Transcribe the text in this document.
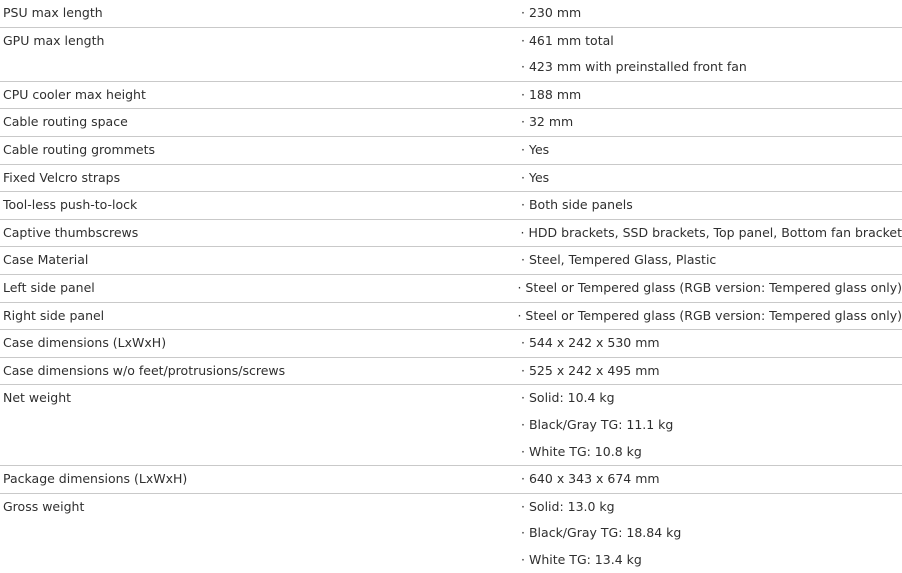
PSU max length	· 230 mm
GPU max length	· 461 mm total
· 423 mm with preinstalled front fan
CPU cooler max height	· 188 mm
Cable routing space	· 32 mm
Cable routing grommets	· Yes
Fixed Velcro straps	· Yes
Tool-less push-to-lock	· Both side panels
Captive thumbscrews	· HDD brackets, SSD brackets, Top panel, Bottom fan bracket
Case Material	· Steel, Tempered Glass, Plastic
Left side panel	· Steel or Tempered glass (RGB version: Tempered glass only)
Right side panel	· Steel or Tempered glass (RGB version: Tempered glass only)
Case dimensions (LxWxH)	· 544 x 242 x 530 mm
Case dimensions w/o feet/protrusions/screws	· 525 x 242 x 495 mm
Net weight	· Solid: 10.4 kg
· Black/Gray TG: 11.1 kg
· White TG: 10.8 kg
Package dimensions (LxWxH)	· 640 x 343 x 674 mm
Gross weight	· Solid: 13.0 kg
· Black/Gray TG: 18.84 kg
· White TG: 13.4 kg
